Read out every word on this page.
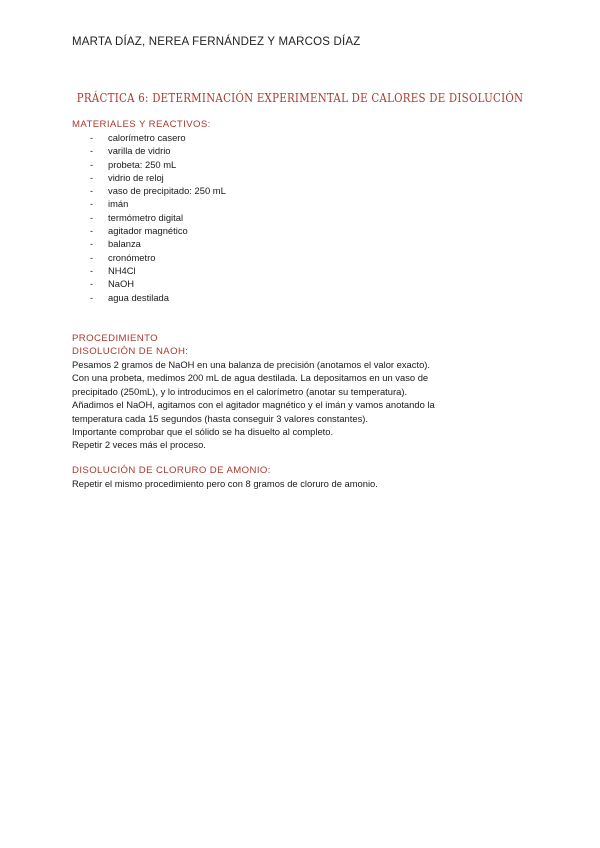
MARTA DÍAZ, NEREA FERNÁNDEZ Y MARCOS DÍAZ
PRÁCTICA 6: DETERMINACIÓN EXPERIMENTAL DE CALORES DE DISOLUCIÓN
MATERIALES Y REACTIVOS:
- calorímetro casero
- varilla de vidrio
- probeta: 250 mL
- vidrio de reloj
- vaso de precipitado: 250 mL
- imán
- termómetro digital
- agitador magnético
- balanza
- cronómetro
- NH4Cl
- NaOH
- agua destilada
PROCEDIMIENTO
DISOLUCIÓN DE NAOH:

Pesamos 2 gramos de NaOH en una balanza de precisión (anotamos el valor exacto).

Con una probeta, medimos 200 mL de agua destilada. La depositamos en un vaso de

precipitado (250mL), y lo introducimos en el calorímetro (anotar su temperatura).

Añadimos el NaOH, agitamos con el agitador magnético y el imán y vamos anotando la

temperatura cada 15 segundos (hasta conseguir 3 valores constantes).

Importante comprobar que el sólido se ha disuelto al completo.

Repetir 2 veces más el proceso.

DISOLUCIÓN DE CLORURO DE AMONIO:

Repetir el mismo procedimiento pero con 8 gramos de cloruro de amonio.
